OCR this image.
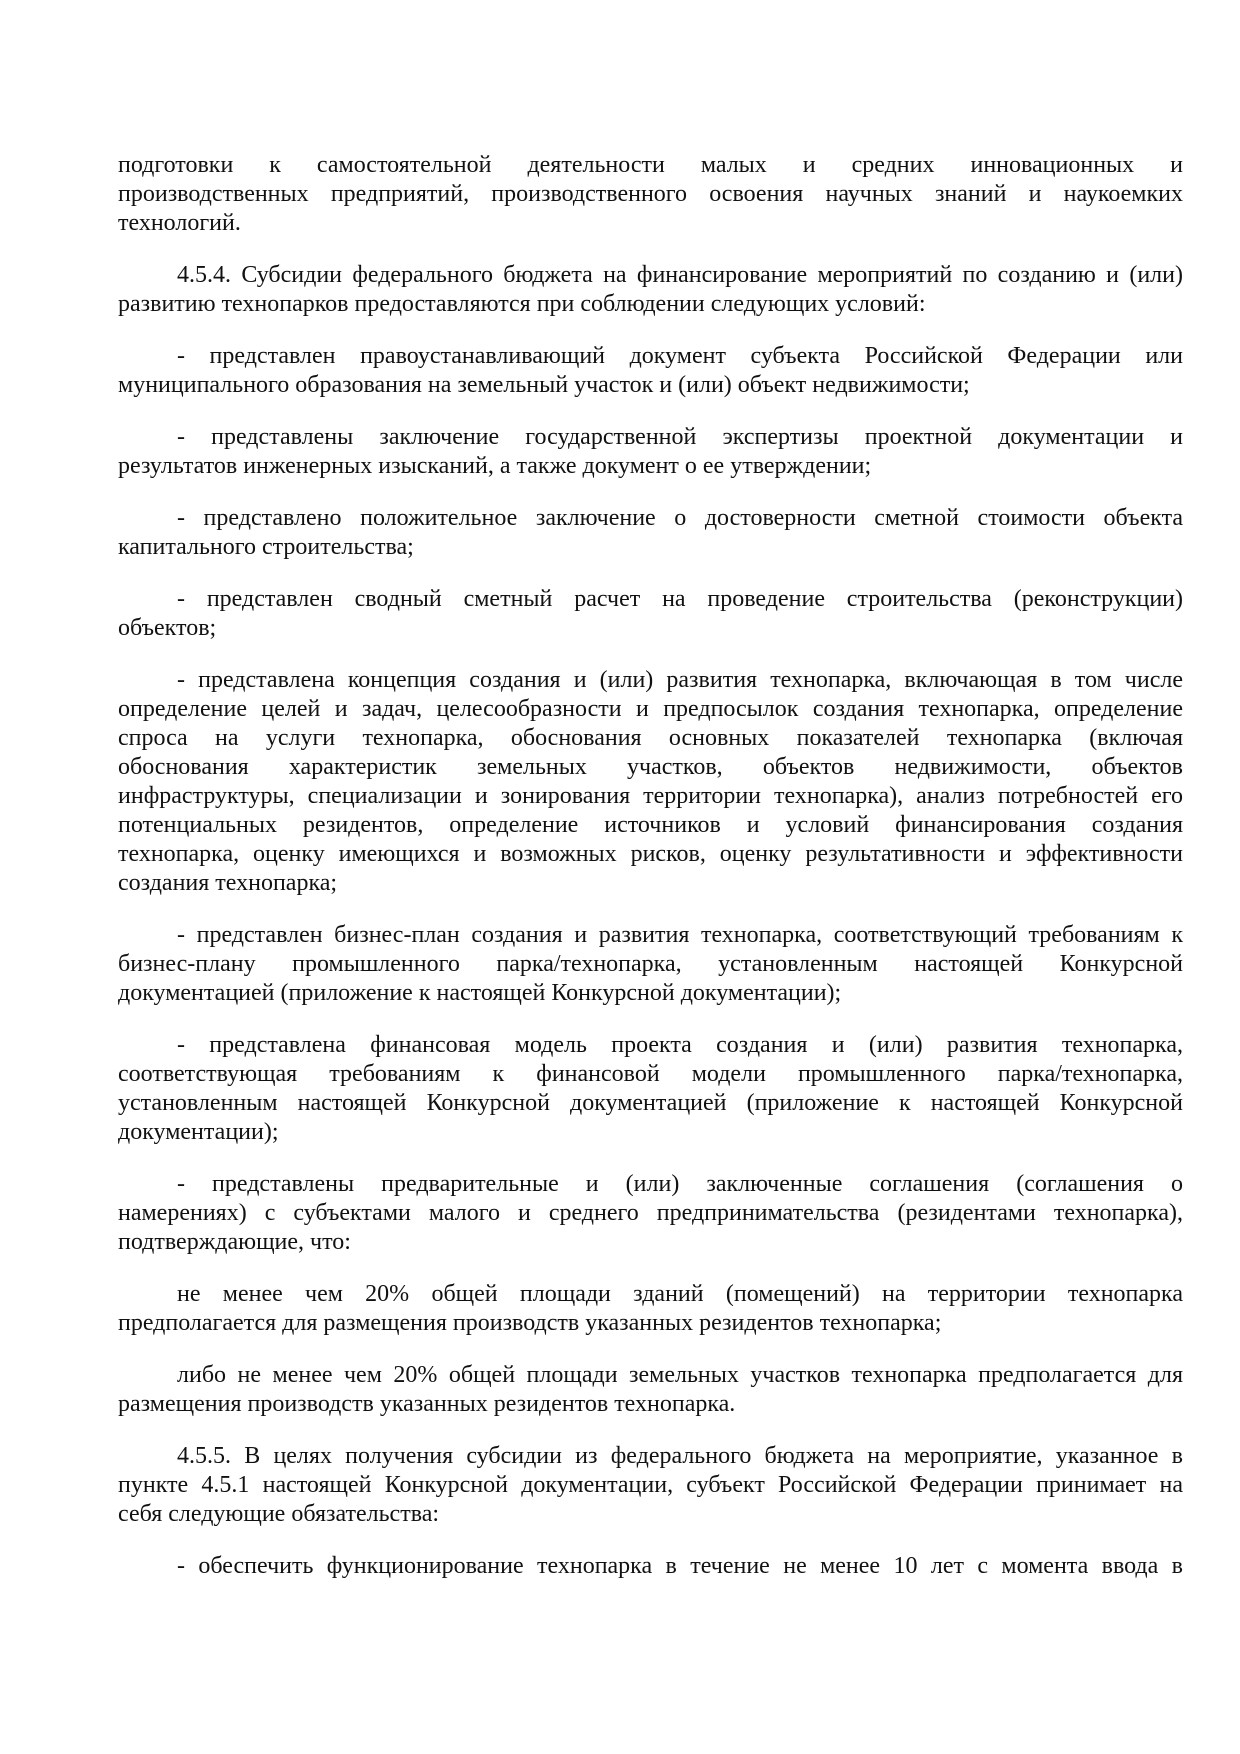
подготовки к самостоятельной деятельности малых и средних инновационных и
производственных предприятий, производственного освоения научных знаний и наукоемких
технологий.

4.5.4. Субсидии федерального бюджета на финансирование мероприятий по созданию и (или)
развитию технопарков предоставляются при соблюдении следующих условий:

- представлен правоустанавливающий документ субъекта Российской Федерации или
муниципального образования на земельный участок и (или) объект недвижимости;

- представлены заключение государственной экспертизы проектной документации и
результатов инженерных изысканий, а также документ о ее утверждении;

- представлено положительное заключение о достоверности сметной стоимости объекта
капитального строительства;

- представлен сводный сметный расчет на проведение строительства (реконструкции)
объектов;

- представлена концепция создания и (или) развития технопарка, включающая в том числе
определение целей и задач, целесообразности и предпосылок создания технопарка, определение
спроса на услуги технопарка, обоснования основных показателей технопарка (включая
обоснования характеристик земельных участков, объектов недвижимости, объектов
инфраструктуры, специализации и зонирования территории технопарка), анализ потребностей его
потенциальных резидентов, определение источников и условий финансирования создания
технопарка, оценку имеющихся и возможных рисков, оценку результативности и эффективности
создания технопарка;

- представлен бизнес-план создания и развития технопарка, соответствующий требованиям к
бизнес-плану промышленного парка/технопарка, установленным настоящей Конкурсной
документацией (приложение к настоящей Конкурсной документации);

- представлена финансовая модель проекта создания и (или) развития технопарка,
соответствующая требованиям к финансовой модели промышленного парка/технопарка,
установленным настоящей Конкурсной документацией (приложение к настоящей Конкурсной
документации);

- представлены предварительные и (или) заключенные соглашения (соглашения о
намерениях) с субъектами малого и среднего предпринимательства (резидентами технопарка),
подтверждающие, что:

не менее чем 20% общей площади зданий (помещений) на территории технопарка
предполагается для размещения производств указанных резидентов технопарка;

либо не менее чем 20% общей площади земельных участков технопарка предполагается для
размещения производств указанных резидентов технопарка.

4.5.5. В целях получения субсидии из федерального бюджета на мероприятие, указанное в
пункте 4.5.1 настоящей Конкурсной документации, субъект Российской Федерации принимает на
себя следующие обязательства:

- обеспечить функционирование технопарка в течение не менее 10 лет с момента ввода в
